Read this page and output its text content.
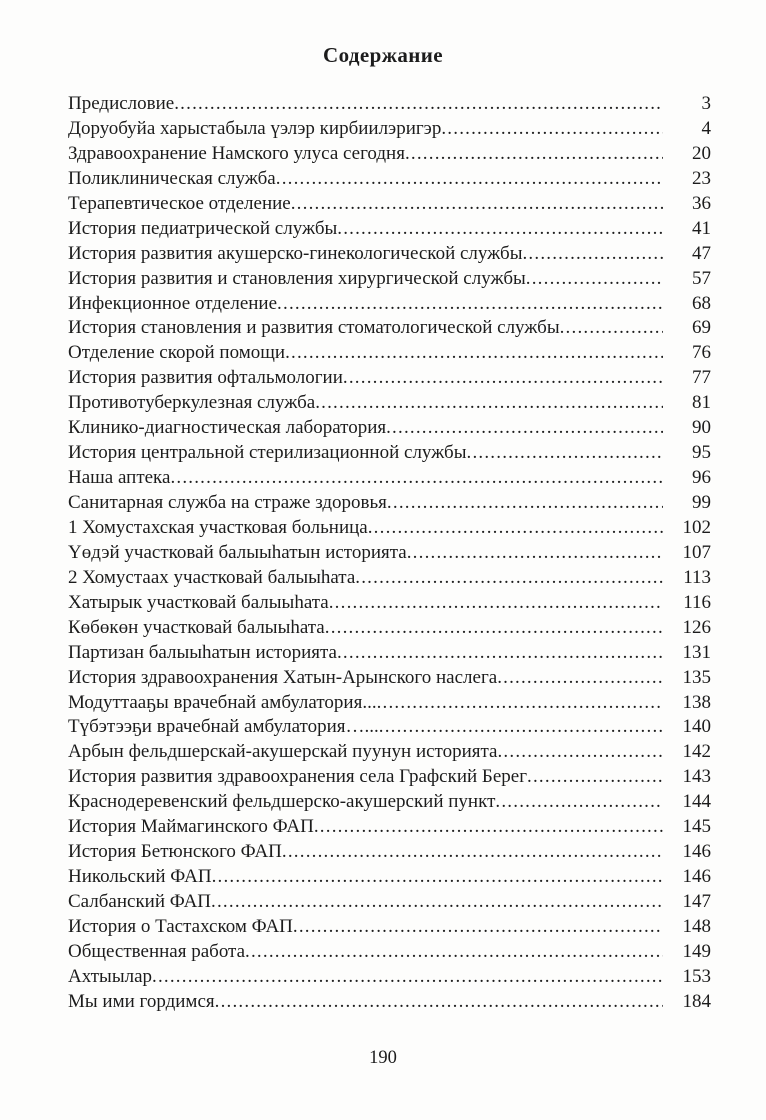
Содержание
Предисловие .....	3
Доруобуйа харыстабыла үэлэр кирбиилэригэр .....	4
Здравоохранение Намского улуса сегодня .....	20
Поликлиническая служба .....	23
Терапевтическое отделение .....	36
История педиатрической службы .....	41
История развития акушерско-гинекологической службы .....	47
История развития и становления хирургической службы .....	57
Инфекционное отделение .....	68
История становления и развития стоматологической службы .....	69
Отделение скорой помощи .....	76
История развития офтальмологии .....	77
Противотуберкулезная служба .....	81
Клинико-диагностическая лаборатория .....	90
История центральной стерилизационной службы .....	95
Наша аптека .....	96
Санитарная служба на страже здоровья .....	99
1 Хомустахская участковая больница .....	102
Үөдэй участковай балыыһатын историята .....	107
2 Хомустаах участковай балыыһата .....	113
Хатырык участковай балыыһата .....	116
Көбөкөн участковай балыыһата .....	126
Партизан балыыһатын историята .....	131
История здравоохранения Хатын-Арынского наслега .....	135
Модуттааҕы врачебнай амбулатория... .....	138
Түбэтээҕи врачебнай амбулатория…... .....	140
Арбын фельдшерскай-акушерскай пуунун историята .....	142
История развития здравоохранения села Графский Берег .....	143
Краснодеревенский фельдшерско-акушерский пункт .....	144
История Маймагинского ФАП .....	145
История Бетюнского ФАП .....	146
Никольский ФАП .....	146
Салбанский ФАП .....	147
История о Тастахском ФАП .....	148
Общественная работа .....	149
Ахтыылар .....	153
Мы ими гордимся .....	184
190
